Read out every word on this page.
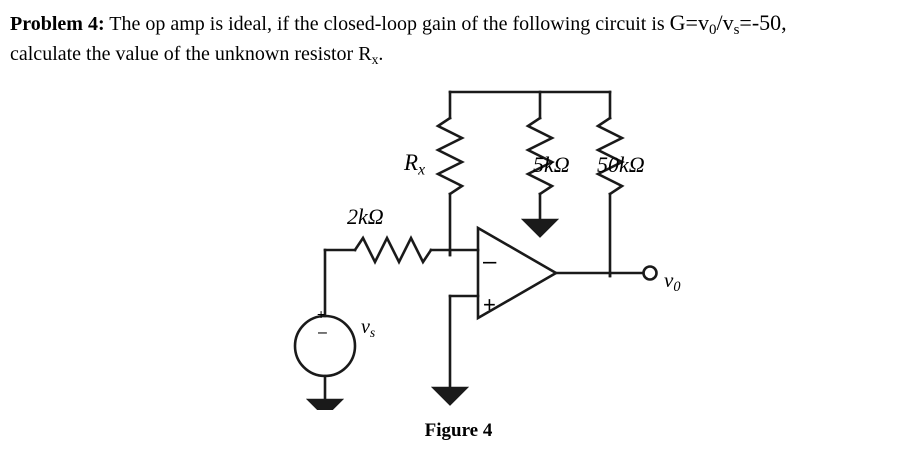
Problem 4: The op amp is ideal, if the closed-loop gain of the following circuit is $G=v_0/v_s=-50$,
calculate the value of the unknown resistor $R_x$.
$R_x$
2kΩ
5kΩ 50kΩ
$v_0$
$v_s$
+
–
–
+
Figure 4
